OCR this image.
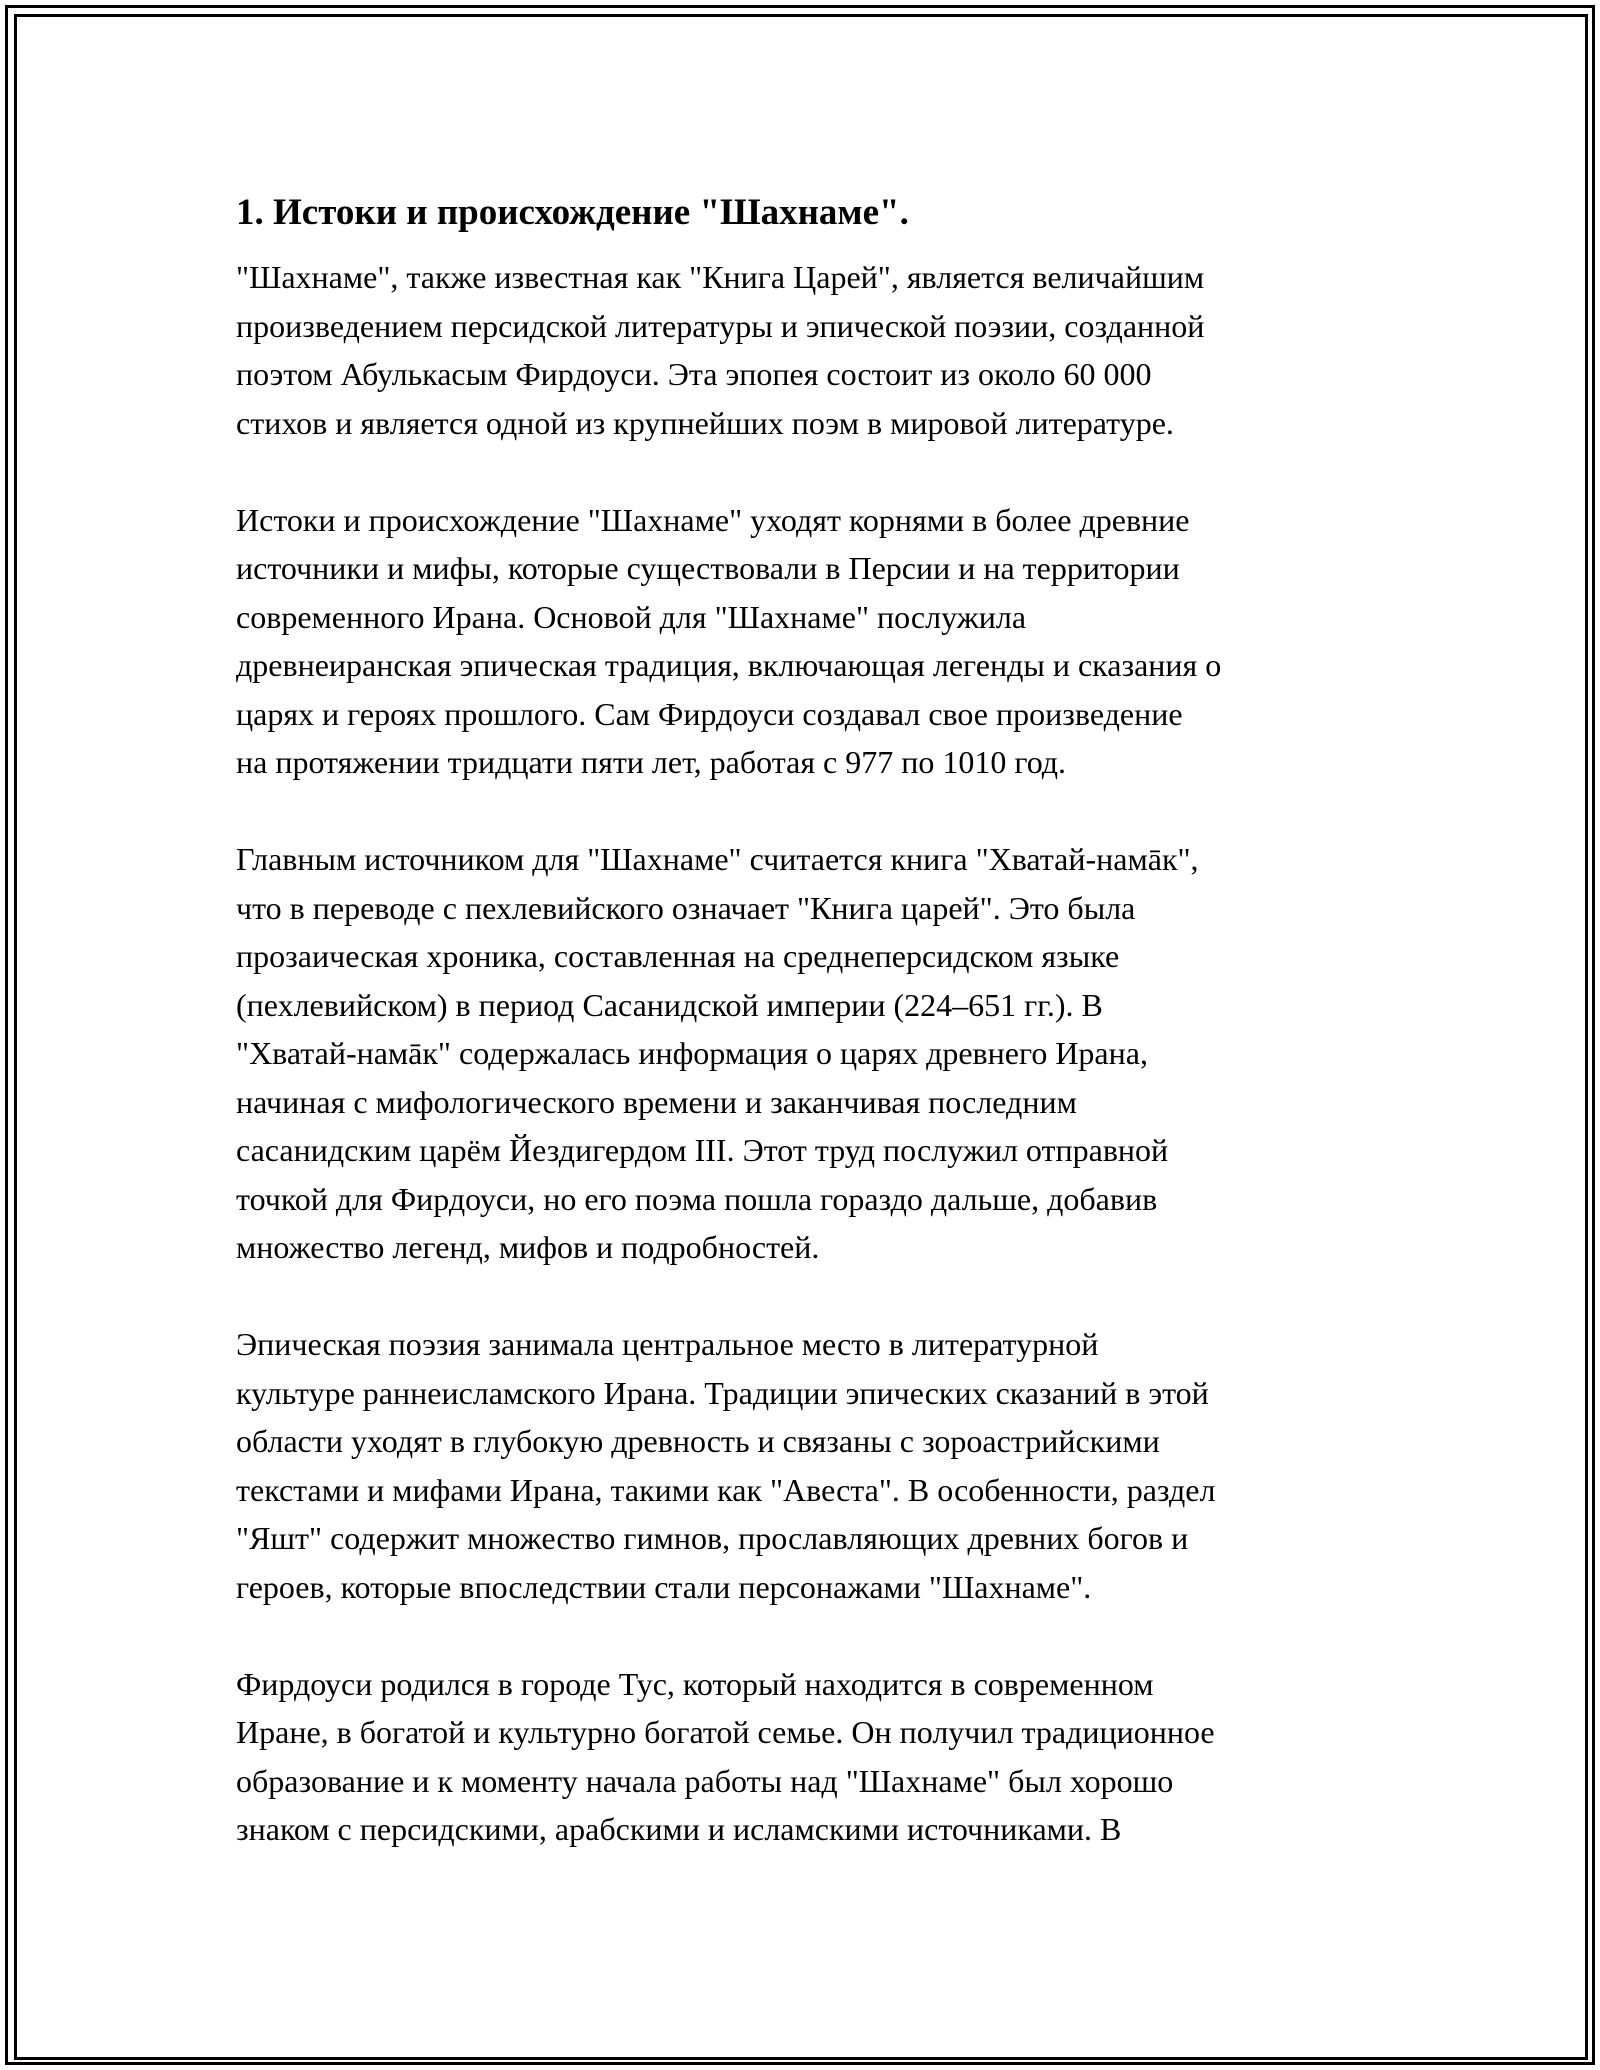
1. Истоки и происхождение "Шахнаме".
"Шахнаме", также известная как "Книга Царей", является величайшим
произведением персидской литературы и эпической поэзии, созданной
поэтом Абулькасым Фирдоуси. Эта эпопея состоит из около 60 000
стихов и является одной из крупнейших поэм в мировой литературе.
Истоки и происхождение "Шахнаме" уходят корнями в более древние
источники и мифы, которые существовали в Персии и на территории
современного Ирана. Основой для "Шахнаме" послужила
древнеиранская эпическая традиция, включающая легенды и сказания о
царях и героях прошлого. Сам Фирдоуси создавал свое произведение
на протяжении тридцати пяти лет, работая с 977 по 1010 год.
Главным источником для "Шахнаме" считается книга "Хватай-намāк",
что в переводе с пехлевийского означает "Книга царей". Это была
прозаическая хроника, составленная на среднеперсидском языке
(пехлевийском) в период Сасанидской империи (224–651 гг.). В
"Хватай-намāк" содержалась информация о царях древнего Ирана,
начиная с мифологического времени и заканчивая последним
сасанидским царём Йездигердом III. Этот труд послужил отправной
точкой для Фирдоуси, но его поэма пошла гораздо дальше, добавив
множество легенд, мифов и подробностей.
Эпическая поэзия занимала центральное место в литературной
культуре раннеисламского Ирана. Традиции эпических сказаний в этой
области уходят в глубокую древность и связаны с зороастрийскими
текстами и мифами Ирана, такими как "Авеста". В особенности, раздел
"Яшт" содержит множество гимнов, прославляющих древних богов и
героев, которые впоследствии стали персонажами "Шахнаме".
Фирдоуси родился в городе Тус, который находится в современном
Иране, в богатой и культурно богатой семье. Он получил традиционное
образование и к моменту начала работы над "Шахнаме" был хорошо
знаком с персидскими, арабскими и исламскими источниками. В
